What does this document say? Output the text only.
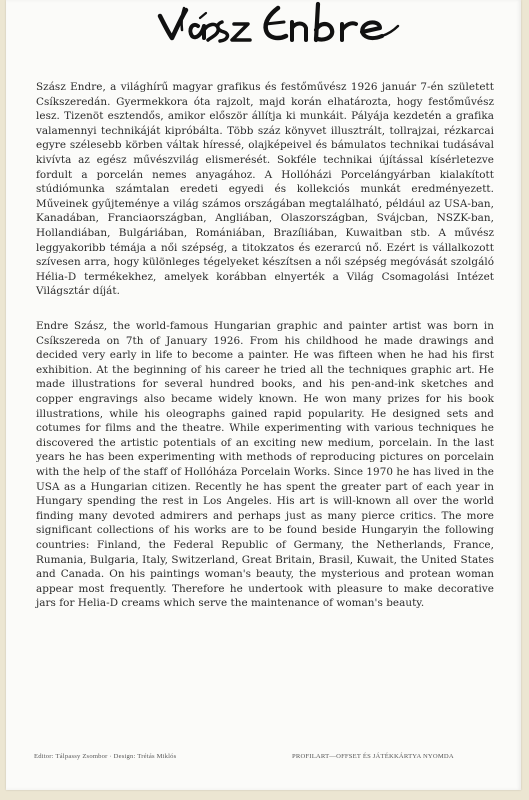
Szász Endre, a világhírű magyar grafikus és festőművész 1926 január 7-én született Csíkszeredán. Gyermekkora óta rajzolt, majd korán elhatározta, hogy festőművész lesz. Tizenöt esztendős, amikor először állítja ki munkáit. Pályája kezdetén a grafika valamennyi technikáját kipróbálta. Több száz könyvet illusztrált, tollrajzai, rézkarcai egyre szélesebb körben váltak híressé, olajképeivel és bámulatos technikai tudásával kivívta az egész művészvilág elismerését. Sokféle technikai újítással kísérletezve fordult a porcelán nemes anyagához. A Hollóházi Porcelángyárban kialakított stúdiómunka számtalan eredeti egyedi és kollekciós munkát eredményezett. Műveinek gyűjteménye a világ számos országában megtalálható, például az USA-ban, Kanadában, Franciaországban, Angliában, Olaszországban, Svájcban, NSZK-ban, Hollandiában, Bulgáriában, Romániában, Brazíliában, Kuwaitban stb. A művész leggyakoribb témája a női szépség, a titokzatos és ezerarcú nő. Ezért is vállalkozott szívesen arra, hogy különleges tégelyeket készítsen a női szépség megóvását szolgáló Hélia-D termékekhez, amelyek korábban elnyerték a Világ Csomagolási Intézet Világsztár díját.

Endre Szász, the world-famous Hungarian graphic and painter artist was born in Csíkszereda on 7th of January 1926. From his childhood he made drawings and decided very early in life to become a painter. He was fifteen when he had his first exhibition. At the beginning of his career he tried all the techniques graphic art. He made illustrations for several hundred books, and his pen-and-ink sketches and copper engravings also became widely known. He won many prizes for his book illustrations, while his oleographs gained rapid popularity. He designed sets and cotumes for films and the theatre. While experimenting with various techniques he discovered the artistic potentials of an exciting new medium, porcelain. In the last years he has been experimenting with methods of reproducing pictures on porcelain with the help of the staff of Hollóháza Porcelain Works. Since 1970 he has lived in the USA as a Hungarian citizen. Recently he has spent the greater part of each year in Hungary spending the rest in Los Angeles. His art is will-known all over the world finding many devoted admirers and perhaps just as many pierce critics. The more significant collections of his works are to be found beside Hungaryin the following countries: Finland, the Federal Republic of Germany, the Netherlands, France, Rumania, Bulgaria, Italy, Switzerland, Great Britain, Brasil, Kuwait, the United States and Canada. On his paintings woman's beauty, the mysterious and protean woman appear most frequently. Therefore he undertook with pleasure to make decorative jars for Helia-D creams which serve the maintenance of woman's beauty.

Editor: Tálpassy Zsombor · Design: Trétás Miklós	PROFILART—OFFSET ÉS JÁTÉKKÁRTYA NYOMDA
